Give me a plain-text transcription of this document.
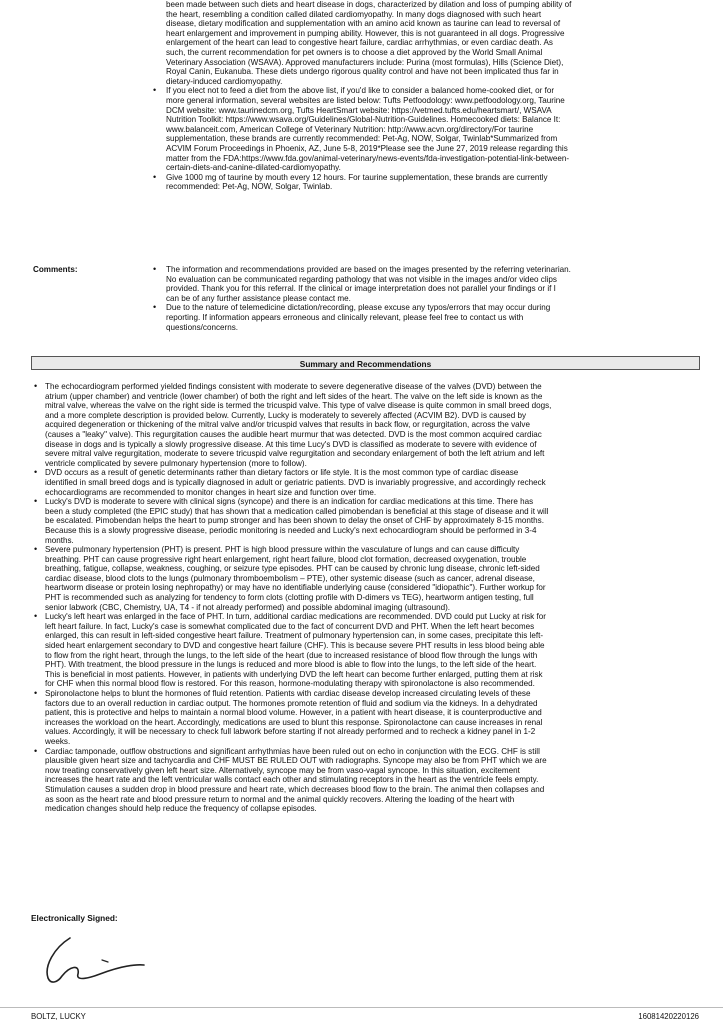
been made between such diets and heart disease in dogs, characterized by dilation and loss of pumping ability of
the heart, resembling a condition called dilated cardiomyopathy. In many dogs diagnosed with such heart
disease, dietary modification and supplementation with an amino acid known as taurine can lead to reversal of
heart enlargement and improvement in pumping ability. However, this is not guaranteed in all dogs. Progressive
enlargement of the heart can lead to congestive heart failure, cardiac arrhythmias, or even cardiac death. As
such, the current recommendation for pet owners is to choose a diet approved by the World Small Animal
Veterinary Association (WSAVA). Approved manufacturers include: Purina (most formulas), Hills (Science Diet),
Royal Canin, Eukanuba. These diets undergo rigorous quality control and have not been implicated thus far in
dietary-induced cardiomyopathy.
• If you elect not to feed a diet from the above list, if you'd like to consider a balanced home-cooked diet, or for
more general information, several websites are listed below: Tufts Petfoodology: www.petfoodology.org, Taurine
DCM website: www.taurinedcm.org, Tufts HeartSmart website: https://vetmed.tufts.edu/heartsmart/, WSAVA
Nutrition Toolkit: https://www.wsava.org/Guidelines/Global-Nutrition-Guidelines. Homecooked diets: Balance It:
www.balanceit.com, American College of Veterinary Nutrition: http://www.acvn.org/directory/For taurine
supplementation, these brands are currently recommended: Pet-Ag, NOW, Solgar, Twinlab*Summarized from
ACVIM Forum Proceedings in Phoenix, AZ, June 5-8, 2019*Please see the June 27, 2019 release regarding this
matter from the FDA:https://www.fda.gov/animal-veterinary/news-events/fda-investigation-potential-link-between-
certain-diets-and-canine-dilated-cardiomyopathy.
• Give 1000 mg of taurine by mouth every 12 hours. For taurine supplementation, these brands are currently
recommended: Pet-Ag, NOW, Solgar, Twinlab.
Comments:
•	The information and recommendations provided are based on the images presented by the referring veterinarian.
No evaluation can be communicated regarding pathology that was not visible in the images and/or video clips
provided. Thank you for this referral. If the clinical or image interpretation does not parallel your findings or if I
can be of any further assistance please contact me.
• Due to the nature of telemedicine dictation/recording, please excuse any typos/errors that may occur during
reporting. If information appears erroneous and clinically relevant, please feel free to contact us with
questions/concerns.
Summary and Recommendations
• The echocardiogram performed yielded findings consistent with moderate to severe degenerative disease of the valves (DVD) between the
atrium (upper chamber) and ventricle (lower chamber) of both the right and left sides of the heart. The valve on the left side is known as the
mitral valve, whereas the valve on the right side is termed the tricuspid valve. This type of valve disease is quite common in small breed dogs,
and a more complete description is provided below. Currently, Lucky is moderately to severely affected (ACVIM B2). DVD is caused by
acquired degeneration or thickening of the mitral valve and/or tricuspid valves that results in back flow, or regurgitation, across the valve
(causes a "leaky" valve). This regurgitation causes the audible heart murmur that was detected. DVD is the most common acquired cardiac
disease in dogs and is typically a slowly progressive disease. At this time Lucy's DVD is classified as moderate to severe with evidence of
severe mitral valve regurgitation, moderate to severe tricuspid valve regurgitation and secondary enlargement of both the left atrium and left
ventricle complicated by severe pulmonary hypertension (more to follow).
• DVD occurs as a result of genetic determinants rather than dietary factors or life style. It is the most common type of cardiac disease
identified in small breed dogs and is typically diagnosed in adult or geriatric patients. DVD is invariably progressive, and accordingly recheck
echocardiograms are recommended to monitor changes in heart size and function over time.
• Lucky's DVD is moderate to severe with clinical signs (syncope) and there is an indication for cardiac medications at this time. There has
been a study completed (the EPIC study) that has shown that a medication called pimobendan is beneficial at this stage of disease and it will
be escalated. Pimobendan helps the heart to pump stronger and has been shown to delay the onset of CHF by approximately 8-15 months.
Because this is a slowly progressive disease, periodic monitoring is needed and Lucky's next echocardiogram should be performed in 3-4
months.
• Severe pulmonary hypertension (PHT) is present. PHT is high blood pressure within the vasculature of lungs and can cause difficulty
breathing. PHT can cause progressive right heart enlargement, right heart failure, blood clot formation, decreased oxygenation, trouble
breathing, fatigue, collapse, weakness, coughing, or seizure type episodes. PHT can be caused by chronic lung disease, chronic left-sided
cardiac disease, blood clots to the lungs (pulmonary thromboembolism – PTE), other systemic disease (such as cancer, adrenal disease,
heartworm disease or protein losing nephropathy) or may have no identifiable underlying cause (considered "idiopathic"). Further workup for
PHT is recommended such as analyzing for tendency to form clots (clotting profile with D-dimers vs TEG), heartworm antigen testing, full
senior labwork (CBC, Chemistry, UA, T4 - if not already performed) and possible abdominal imaging (ultrasound).
• Lucky's left heart was enlarged in the face of PHT. In turn, additional cardiac medications are recommended. DVD could put Lucky at risk for
left heart failure. In fact, Lucky's case is somewhat complicated due to the fact of concurrent DVD and PHT. When the left heart becomes
enlarged, this can result in left-sided congestive heart failure. Treatment of pulmonary hypertension can, in some cases, precipitate this left-
sided heart enlargement secondary to DVD and congestive heart failure (CHF). This is because severe PHT results in less blood being able
to flow from the right heart, through the lungs, to the left side of the heart (due to increased resistance of blood flow through the lungs with
PHT). With treatment, the blood pressure in the lungs is reduced and more blood is able to flow into the lungs, to the left side of the heart.
This is beneficial in most patients. However, in patients with underlying DVD the left heart can become further enlarged, putting them at risk
for CHF when this normal blood flow is restored. For this reason, hormone-modulating therapy with spironolactone is also recommended.
• Spironolactone helps to blunt the hormones of fluid retention. Patients with cardiac disease develop increased circulating levels of these
factors due to an overall reduction in cardiac output. The hormones promote retention of fluid and sodium via the kidneys. In a dehydrated
patient, this is protective and helps to maintain a normal blood volume. However, in a patient with heart disease, it is counterproductive and
increases the workload on the heart. Accordingly, medications are used to blunt this response. Spironolactone can cause increases in renal
values. Accordingly, it will be necessary to check full labwork before starting if not already performed and to recheck a kidney panel in 1-2
weeks.
• Cardiac tamponade, outflow obstructions and significant arrhythmias have been ruled out on echo in conjunction with the ECG. CHF is still
plausible given heart size and tachycardia and CHF MUST BE RULED OUT with radiographs. Syncope may also be from PHT which we are
now treating conservatively given left heart size. Alternatively, syncope may be from vaso-vagal syncope. In this situation, excitement
increases the heart rate and the left ventricular walls contact each other and stimulating receptors in the heart as the ventricle feels empty.
Stimulation causes a sudden drop in blood pressure and heart rate, which decreases blood flow to the brain. The animal then collapses and
as soon as the heart rate and blood pressure return to normal and the animal quickly recovers. Altering the loading of the heart with
medication changes should help reduce the frequency of collapse episodes.
Electronically Signed:
BOLTZ, LUCKY	16081420220126
